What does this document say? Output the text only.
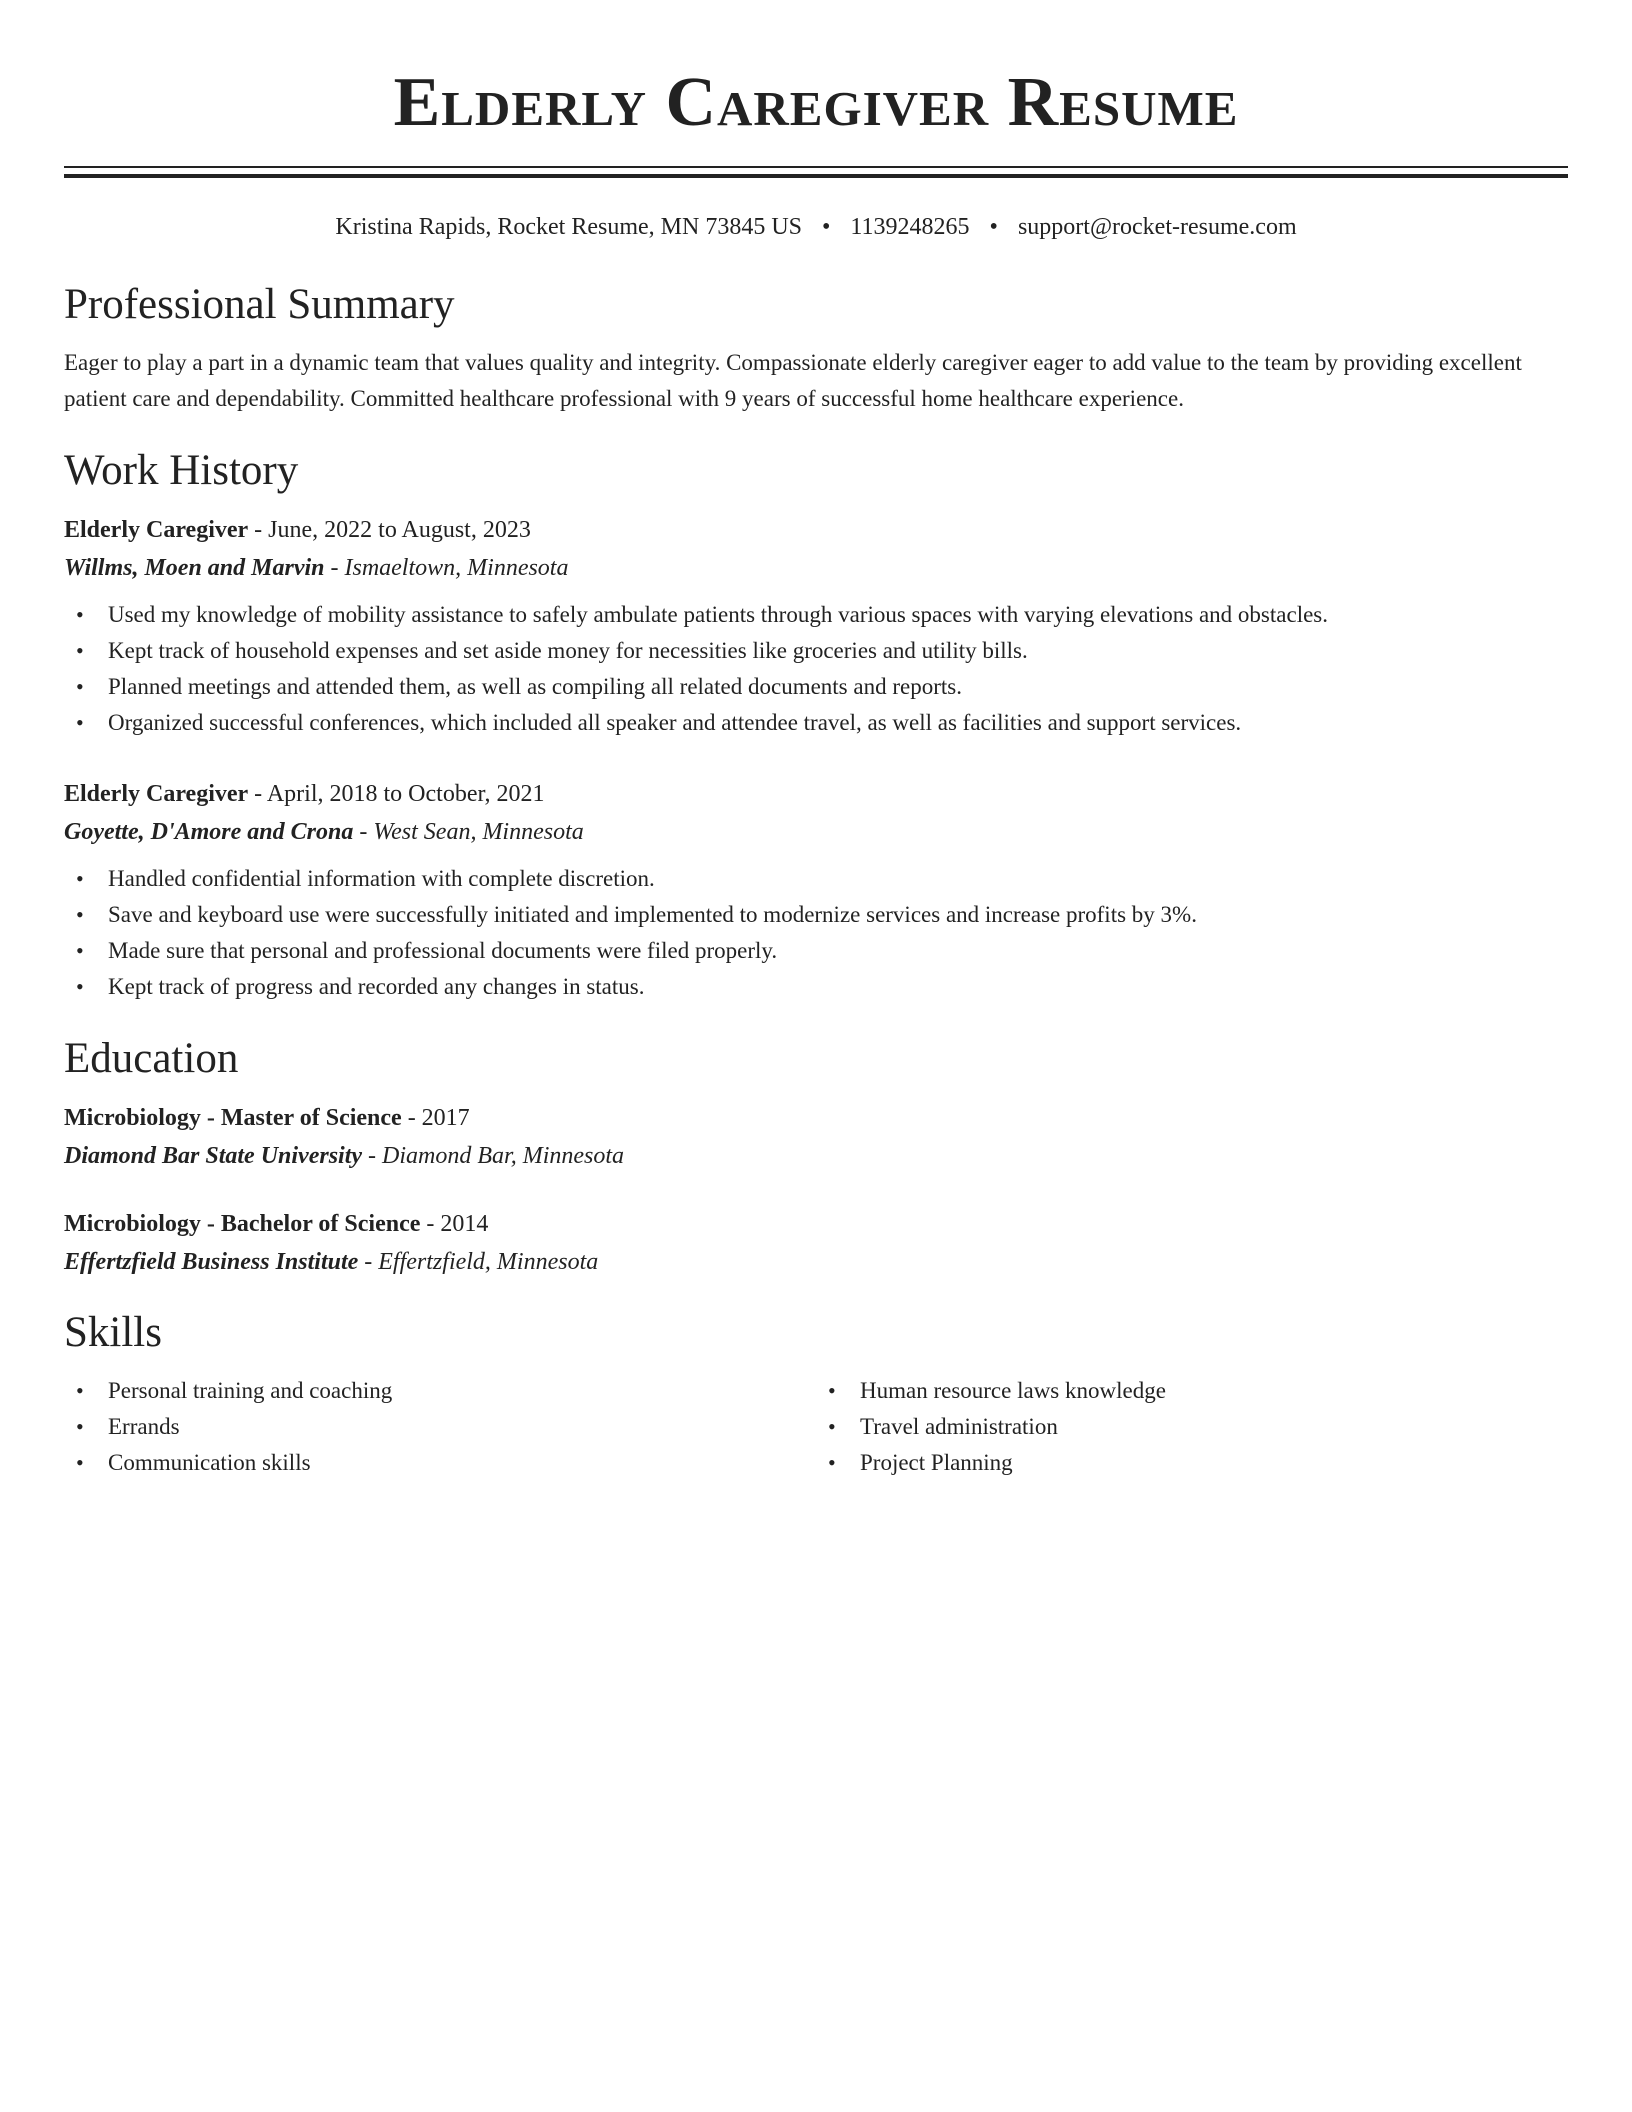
Elderly Caregiver Resume
Kristina Rapids, Rocket Resume, MN 73845 US • 1139248265 • support@rocket-resume.com
Professional Summary

Eager to play a part in a dynamic team that values quality and integrity. Compassionate elderly caregiver eager to add value to the team by providing excellent patient care and dependability. Committed healthcare professional with 9 years of successful home healthcare experience.

Work History
Elderly Caregiver - June, 2022 to August, 2023
Willms, Moen and Marvin - Ismaeltown, Minnesota
• Used my knowledge of mobility assistance to safely ambulate patients through various spaces with varying elevations and obstacles.
• Kept track of household expenses and set aside money for necessities like groceries and utility bills.
• Planned meetings and attended them, as well as compiling all related documents and reports.
• Organized successful conferences, which included all speaker and attendee travel, as well as facilities and support services.
Elderly Caregiver - April, 2018 to October, 2021
Goyette, D'Amore and Crona - West Sean, Minnesota
• Handled confidential information with complete discretion.
• Save and keyboard use were successfully initiated and implemented to modernize services and increase profits by 3%.
• Made sure that personal and professional documents were filed properly.
• Kept track of progress and recorded any changes in status.
Education
Microbiology - Master of Science - 2017
Diamond Bar State University - Diamond Bar, Minnesota
Microbiology - Bachelor of Science - 2014
Effertzfield Business Institute - Effertzfield, Minnesota
Skills
• Personal training and coaching
• Errands
• Communication skills
• Human resource laws knowledge
• Travel administration
• Project Planning
